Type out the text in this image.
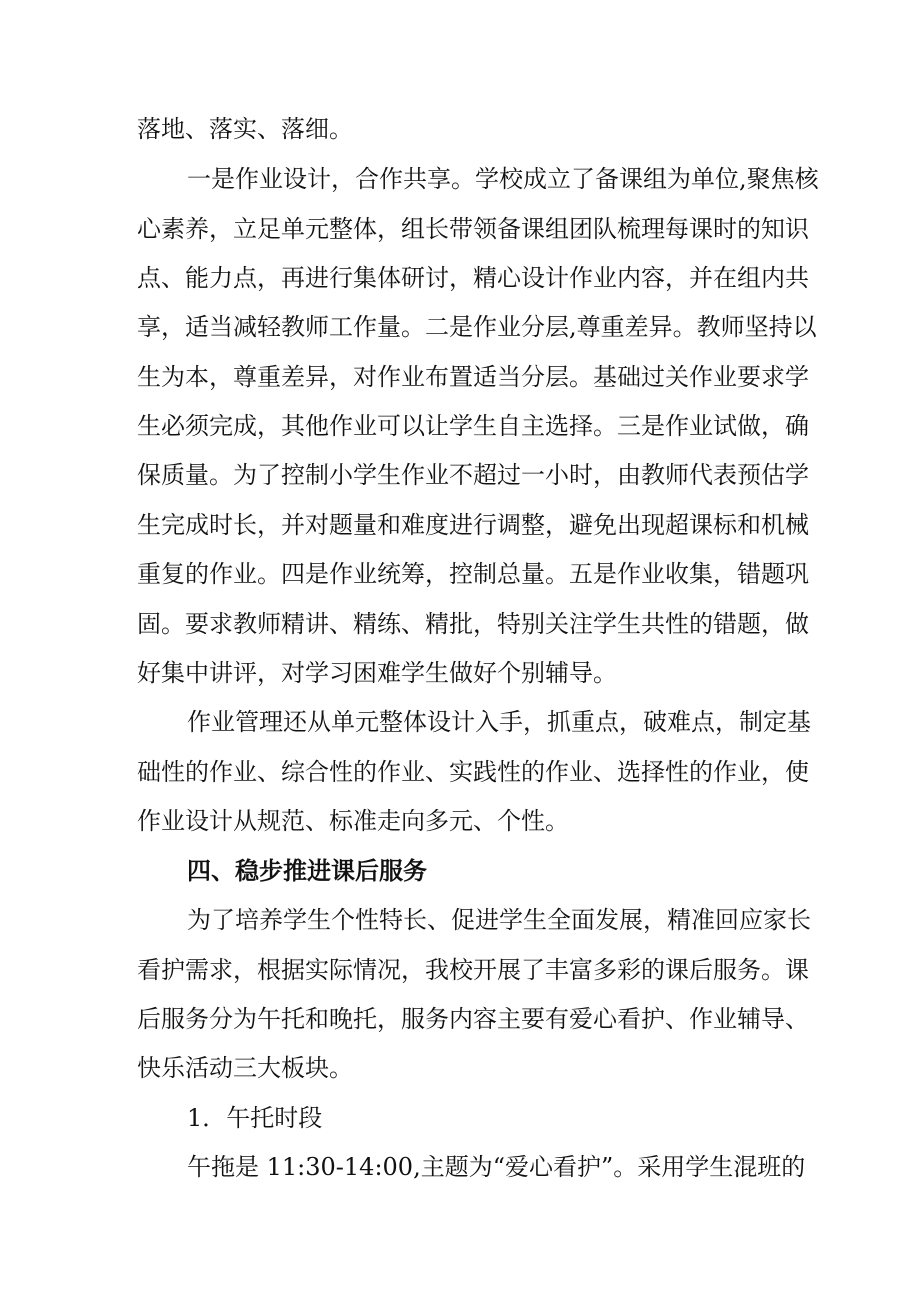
落地、落实、落细。
一是作业设计，合作共享。学校成立了备课组为单位,聚焦核
心素养，立足单元整体，组长带领备课组团队梳理每课时的知识
点、能力点，再进行集体研讨，精心设计作业内容，并在组内共
享，适当减轻教师工作量。二是作业分层,尊重差异。教师坚持以
生为本，尊重差异，对作业布置适当分层。基础过关作业要求学
生必须完成，其他作业可以让学生自主选择。三是作业试做，确
保质量。为了控制小学生作业不超过一小时，由教师代表预估学
生完成时长，并对题量和难度进行调整，避免出现超课标和机械
重复的作业。四是作业统筹，控制总量。五是作业收集，错题巩
固。要求教师精讲、精练、精批，特别关注学生共性的错题，做
好集中讲评，对学习困难学生做好个别辅导。
作业管理还从单元整体设计入手，抓重点，破难点，制定基
础性的作业、综合性的作业、实践性的作业、选择性的作业，使
作业设计从规范、标准走向多元、个性。
四、稳步推进课后服务
为了培养学生个性特长、促进学生全面发展，精准回应家长
看护需求，根据实际情况，我校开展了丰富多彩的课后服务。课
后服务分为午托和晚托，服务内容主要有爱心看护、作业辅导、
快乐活动三大板块。
1．午托时段
午拖是 11:30-14:00,主题为“爱心看护”。采用学生混班的
